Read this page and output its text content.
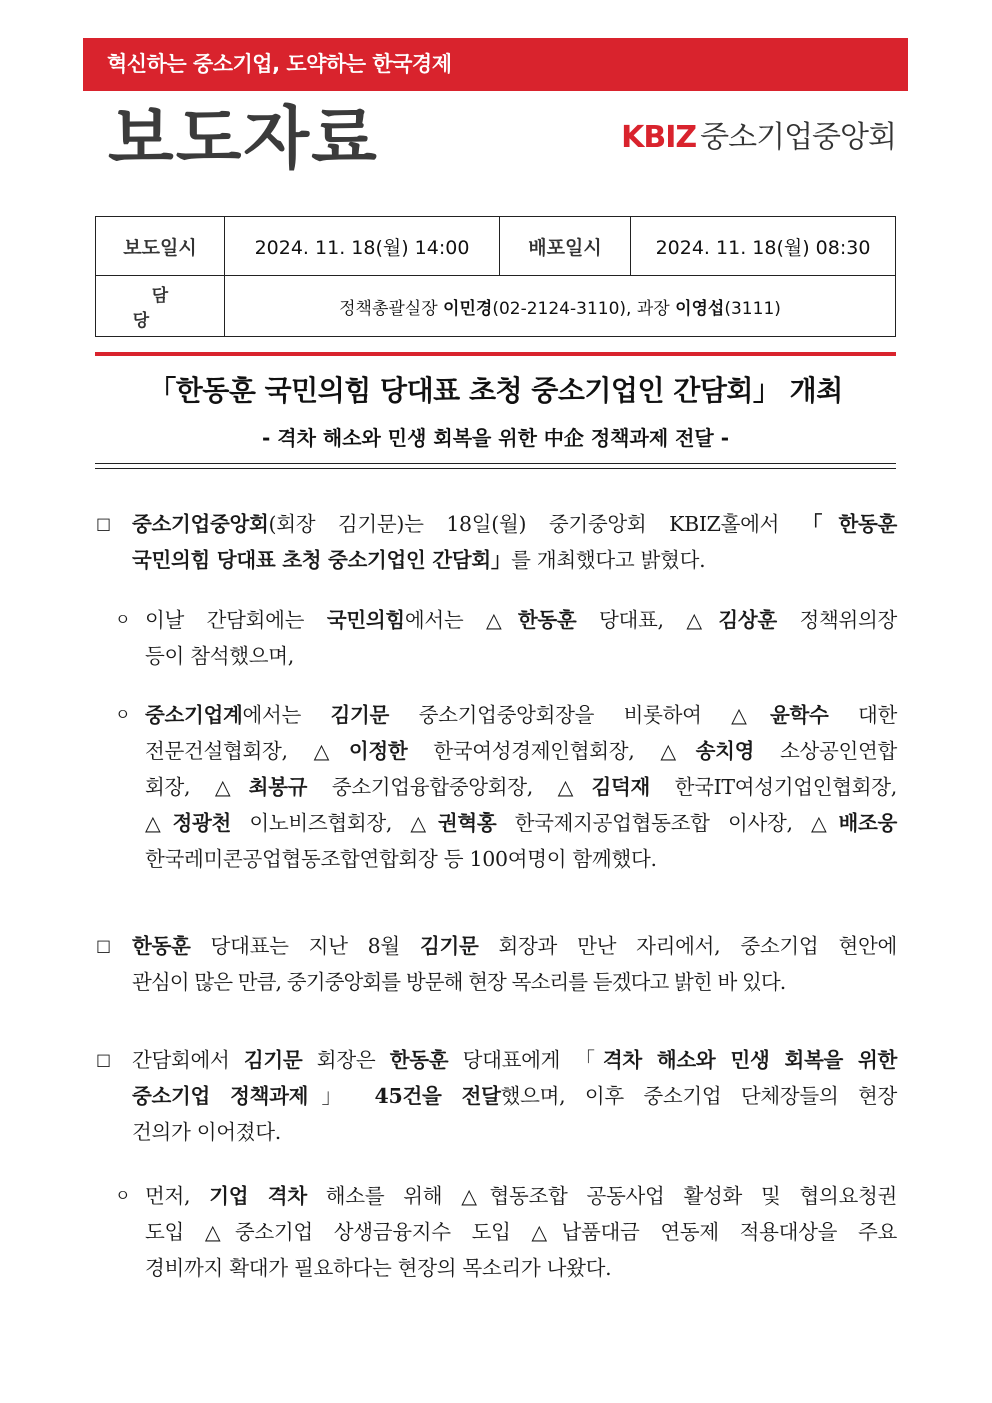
혁신하는 중소기업, 도약하는 한국경제
보도자료	KBIZ 중소기업중앙회
보도일시	2024. 11. 18(월) 14:00	배포일시	2024. 11. 18(월) 08:30
담당	정책총괄실장 이민경(02-2124-3110), 과장 이영섭(3111)		
「한동훈 국민의힘 당대표 초청 중소기업인 간담회」 개최
- 격차 해소와 민생 회복을 위한 中企 정책과제 전달 -
□ 중소기업중앙회(회장 김기문)는 18일(월) 중기중앙회 KBIZ홀에서 「한동훈
국민의힘 당대표 초청 중소기업인 간담회」를 개최했다고 밝혔다.
ㅇ 이날 간담회에는 국민의힘에서는 △한동훈 당대표, △김상훈 정책위의장
등이 참석했으며,
ㅇ 중소기업계에서는 김기문 중소기업중앙회장을 비롯하여 △윤학수 대한
전문건설협회장, △이정한 한국여성경제인협회장, △송치영 소상공인연합
회장, △최봉규 중소기업융합중앙회장, △김덕재 한국IT여성기업인협회장,
△정광천 이노비즈협회장, △권혁홍 한국제지공업협동조합 이사장, △배조웅
한국레미콘공업협동조합연합회장 등 100여명이 함께했다.
□ 한동훈 당대표는 지난 8월 김기문 회장과 만난 자리에서, 중소기업 현안에
관심이 많은 만큼, 중기중앙회를 방문해 현장 목소리를 듣겠다고 밝힌 바 있다.
□ 간담회에서 김기문 회장은 한동훈 당대표에게 「격차 해소와 민생 회복을 위한
중소기업 정책과제」 45건을 전달했으며, 이후 중소기업 단체장들의 현장
건의가 이어졌다.
ㅇ 먼저, 기업 격차 해소를 위해 △협동조합 공동사업 활성화 및 협의요청권
도입 △중소기업 상생금융지수 도입 △납품대금 연동제 적용대상을 주요
경비까지 확대가 필요하다는 현장의 목소리가 나왔다.
